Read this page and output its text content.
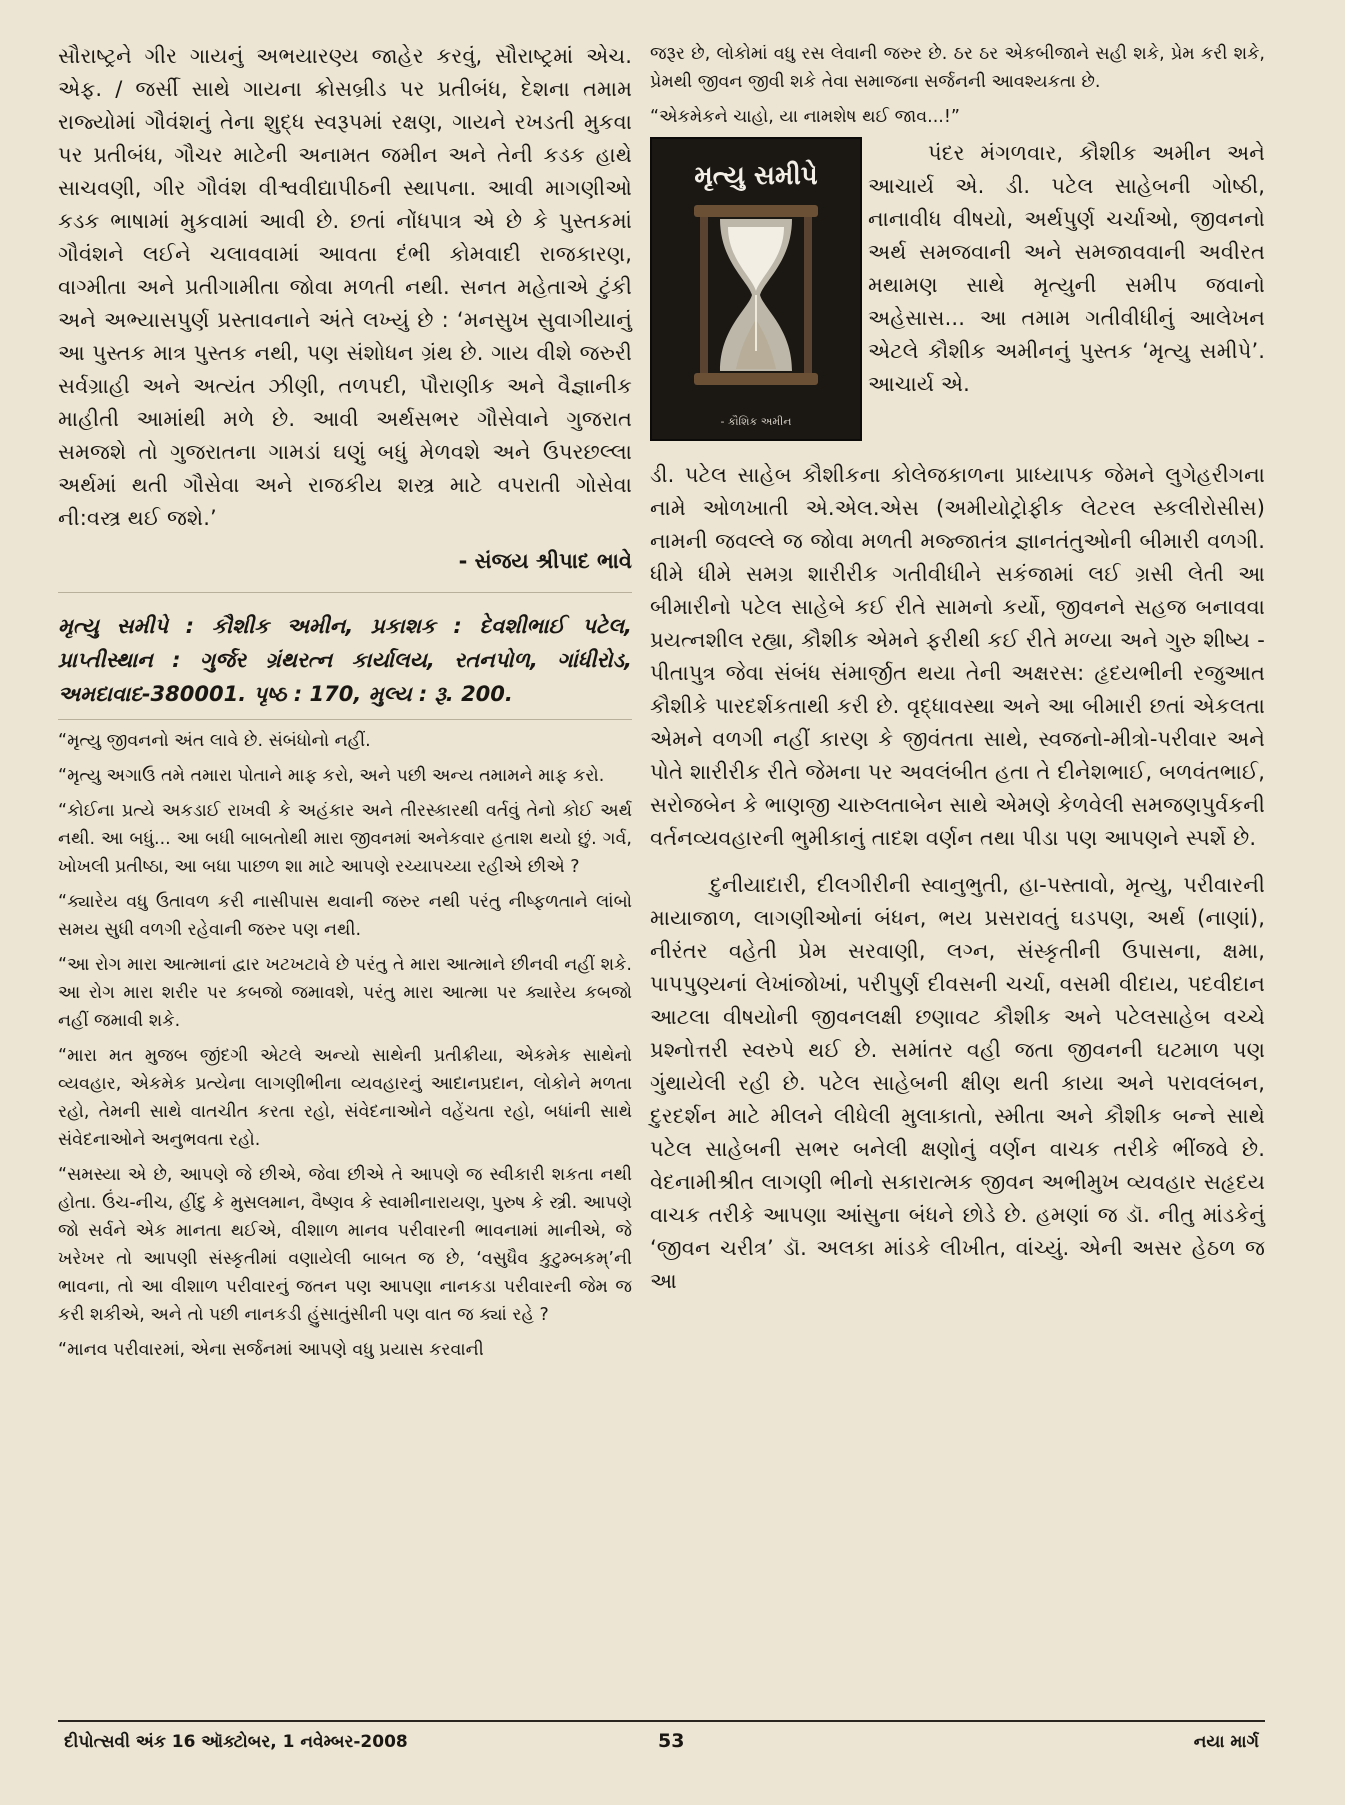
સૌરાષ્ટ્રને ગીર ગાયનું અભયારણ્ય જાહેર કરવું, સૌરાષ્ટ્રમાં એચ. એફ. / જર્સી સાથે ગાયના ક્રોસબ્રીડ પર પ્રતીબંધ, દેશના તમામ રાજ્યોમાં ગૌવંશનું તેના શુદ્ધ સ્વરૂપમાં રક્ષણ, ગાયને રખડતી મુકવા પર પ્રતીબંધ, ગૌચર માટેની અનામત જમીન અને તેની કડક હાથે સાચવણી, ગીર ગૌવંશ વીશ્વવીદ્યાપીઠની સ્થાપના. આવી માગણીઓ કડક ભાષામાં મુકવામાં આવી છે. છતાં નોંધપાત્ર એ છે કે પુસ્તકમાં ગૌવંશને લઈને ચલાવવામાં આવતા દંભી કોમવાદી રાજકારણ, વાગ્મીતા અને પ્રતીગામીતા જોવા મળતી નથી. સનત મહેતાએ ટુંકી અને અભ્યાસપુર્ણ પ્રસ્તાવનાને અંતે લખ્યું છે : ‘મનસુખ સુવાગીયાનું આ પુસ્તક માત્ર પુસ્તક નથી, પણ સંશોધન ગ્રંથ છે. ગાય વીશે જરુરી સર્વગ્રાહી અને અત્યંત ઝીણી, તળપદી, પૌરાણીક અને વૈજ્ઞાનીક માહીતી આમાંથી મળે છે. આવી અર્થસભર ગૌસેવાને ગુજરાત સમજશે તો ગુજરાતના ગામડાં ઘણું બધું મેળવશે અને ઉપરછલ્લા અર્થમાં થતી ગૌસેવા અને રાજકીય શસ્ત્ર માટે વપરાતી ગોસેવા ની:વસ્ત્ર થઈ જશે.’

- સંજય શ્રીપાદ ભાવે

મૃત્યુ સમીપે : કૌશીક અમીન, પ્રકાશક : દેવશીભાઈ પટેલ, પ્રાપ્તીસ્થાન : ગુર્જર ગ્રંથરત્ન કાર્યાલય, રતનપોળ, ગાંધીરોડ, અમદાવાદ-380001. પૃષ્ઠ : 170, મુલ્ય : રૂ. 200.

“મૃત્યુ જીવનનો અંત લાવે છે. સંબંધોનો નહીં.

“મૃત્યુ અગાઉ તમે તમારા પોતાને માફ કરો, અને પછી અન્ય તમામને માફ કરો.

“કોઈના પ્રત્યે અકડાઈ રાખવી કે અહંકાર અને તીરસ્કારથી વર્તવું તેનો કોઈ અર્થ નથી. આ બધું... આ બધી બાબતોથી મારા જીવનમાં અનેકવાર હતાશ થયો છું. ગર્વ, ખોખલી પ્રતીષ્ઠા, આ બધા પાછળ શા માટે આપણે રચ્યાપચ્યા રહીએ છીએ ?

“ક્યારેય વધુ ઉતાવળ કરી નાસીપાસ થવાની જરુર નથી પરંતુ નીષ્ફળતાને લાંબો સમય સુધી વળગી રહેવાની જરુર પણ નથી.

“આ રોગ મારા આત્માનાં દ્વાર ખટખટાવે છે પરંતુ તે મારા આત્માને છીનવી નહીં શકે. આ રોગ મારા શરીર પર કબજો જમાવશે, પરંતુ મારા આત્મા પર ક્યારેય કબજો નહીં જમાવી શકે.

“મારા મત મુજબ જીંદગી એટલે અન્યો સાથેની પ્રતીક્રીયા, એકમેક સાથેનો વ્યવહાર, એકમેક પ્રત્યેના લાગણીભીના વ્યવહારનું આદાનપ્રદાન, લોકોને મળતા રહો, તેમની સાથે વાતચીત કરતા રહો, સંવેદનાઓને વહેંચતા રહો, બધાંની સાથે સંવેદનાઓને અનુભવતા રહો.

“સમસ્યા એ છે, આપણે જે છીએ, જેવા છીએ તે આપણે જ સ્વીકારી શકતા નથી હોતા. ઉંચ-નીચ, હીંદુ કે મુસલમાન, વૈષ્ણવ કે સ્વામીનારાયણ, પુરુષ કે સ્ત્રી. આપણે જો સર્વને એક માનતા થઈએ, વીશાળ માનવ પરીવારની ભાવનામાં માનીએ, જે ખરેખર તો આપણી સંસ્કૃતીમાં વણાયેલી બાબત જ છે, ‘વસુધૈવ કુટુમ્બકમ્’ની ભાવના, તો આ વીશાળ પરીવારનું જતન પણ આપણા નાનકડા પરીવારની જેમ જ કરી શકીએ, અને તો પછી નાનકડી હુંસાતુંસીની પણ વાત જ ક્યાં રહે ?

“માનવ પરીવારમાં, એના સર્જનમાં આપણે વધુ પ્રયાસ કરવાની

જરૂર છે, લોકોમાં વધુ રસ લેવાની જરુર છે. ઠર ઠર એકબીજાને સહી શકે, પ્રેમ કરી શકે, પ્રેમથી જીવન જીવી શકે તેવા સમાજના સર્જનની આવશ્યકતા છે.

“એકમેકને ચાહો, યા નામશેષ થઈ જાવ...!”

મૃત્યુ સમીપે
- કૌશિક અમીન

પંદર મંગળવાર, કૌશીક અમીન અને આચાર્ય એ. ડી. પટેલ સાહેબની ગોષ્ઠી, નાનાવીધ વીષયો, અર્થપુર્ણ ચર્ચાઓ, જીવનનો અર્થ સમજવાની અને સમજાવવાની અવીરત મથામણ સાથે મૃત્યુની સમીપ જવાનો અહેસાસ... આ તમામ ગતીવીધીનું આલેખન એટલે કૌશીક અમીનનું પુસ્તક ‘મૃત્યુ સમીપે’. આચાર્ય એ.

ડી. પટેલ સાહેબ કૌશીકના કોલેજકાળના પ્રાધ્યાપક જેમને લુગેહરીગના નામે ઓળખાતી એ.એલ.એસ (અમીયોટ્રોફીક લેટરલ સ્કલીરોસીસ) નામની જવલ્લે જ જોવા મળતી મજ્જાતંત્ર જ્ઞાનતંતુઓની બીમારી વળગી. ધીમે ધીમે સમગ્ર શારીરીક ગતીવીધીને સકંજામાં લઈ ગ્રસી લેતી આ બીમારીનો પટેલ સાહેબે કઈ રીતે સામનો કર્યો, જીવનને સહજ બનાવવા પ્રયત્નશીલ રહ્યા, કૌશીક એમને ફરીથી કઈ રીતે મળ્યા અને ગુરુ શીષ્ય - પીતાપુત્ર જેવા સંબંધ સંમાર્જીત થયા તેની અક્ષરસ: હૃદયભીની રજુઆત કૌશીકે પારદર્શકતાથી કરી છે. વૃદ્ધાવસ્થા અને આ બીમારી છતાં એકલતા એમને વળગી નહીં કારણ કે જીવંતતા સાથે, સ્વજનો-મીત્રો-પરીવાર અને પોતે શારીરીક રીતે જેમના પર અવલંબીત હતા તે દીનેશભાઈ, બળવંતભાઈ, સરોજબેન કે ભાણજી ચારુલતાબેન સાથે એમણે કેળવેલી સમજણપુર્વકની વર્તનવ્યવહારની ભુમીકાનું તાદશ વર્ણન તથા પીડા પણ આપણને સ્પર્શે છે.

દુનીયાદારી, દીલગીરીની સ્વાનુભુતી, હા-પસ્તાવો, મૃત્યુ, પરીવારની માયાજાળ, લાગણીઓનાં બંધન, ભય પ્રસરાવતું ઘડપણ, અર્થ (નાણાં), નીરંતર વહેતી પ્રેમ સરવાણી, લગ્ન, સંસ્કૃતીની ઉપાસના, ક્ષમા, પાપપુણ્યનાં લેખાંજોખાં, પરીપુર્ણ દીવસની ચર્ચા, વસમી વીદાય, પદવીદાન આટલા વીષયોની જીવનલક્ષી છણાવટ કૌશીક અને પટેલસાહેબ વચ્ચે પ્રશ્નોત્તરી સ્વરુપે થઈ છે. સમાંતર વહી જતા જીવનની ઘટમાળ પણ ગુંથાયેલી રહી છે. પટેલ સાહેબની ક્ષીણ થતી કાયા અને પરાવલંબન, દુરદર્શન માટે મીલને લીધેલી મુલાકાતો, સ્મીતા અને કૌશીક બન્ને સાથે પટેલ સાહેબની સભર બનેલી ક્ષણોનું વર્ણન વાચક તરીકે ભીંજવે છે. વેદનામીશ્રીત લાગણી ભીનો સકારાત્મક જીવન અભીમુખ વ્યવહાર સહૃદય વાચક તરીકે આપણા આંસુના બંધને છોડે છે. હમણાં જ ડૉ. નીતુ માંડકેનું ‘જીવન ચરીત્ર’ ડૉ. અલકા માંડકે લીખીત, વાંચ્યું. એની અસર હેઠળ જ આ

દીપોત્સવી અંક 16 ઑક્ટોબર, 1 નવેમ્બર-2008	53	નયા માર્ગ
